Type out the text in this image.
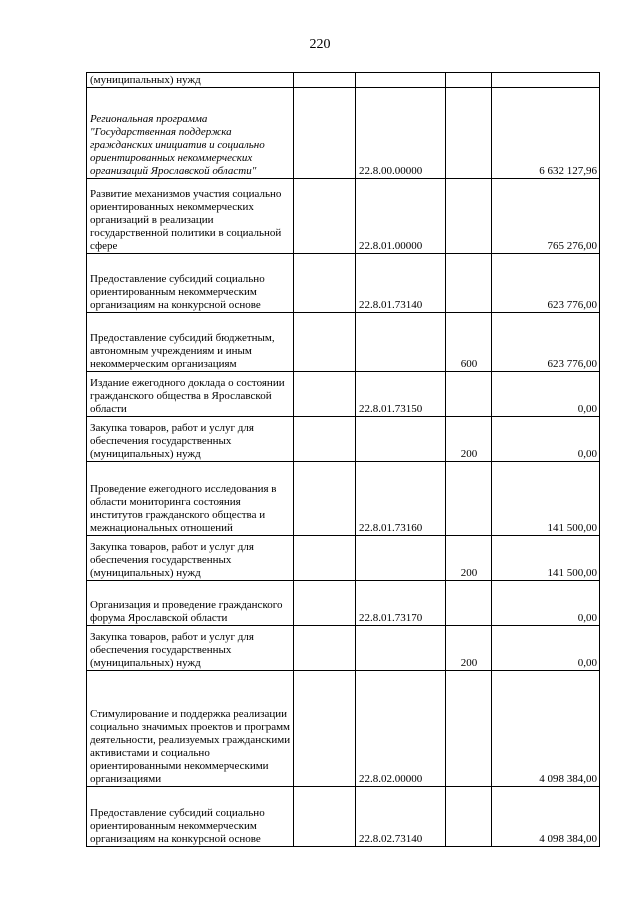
220
(муниципальных) нужд				
Региональная программа "Государственная поддержка гражданских инициатив и социально ориентированных некоммерческих организаций Ярославской области"		22.8.00.00000		6 632 127,96
Развитие механизмов участия социально ориентированных некоммерческих организаций в реализации государственной политики в социальной сфере		22.8.01.00000		765 276,00
Предоставление субсидий социально ориентированным некоммерческим организациям на конкурсной основе		22.8.01.73140		623 776,00
Предоставление субсидий бюджетным, автономным учреждениям и иным некоммерческим организациям			600	623 776,00
Издание ежегодного доклада о состоянии гражданского общества в Ярославской области		22.8.01.73150		0,00
Закупка товаров, работ и услуг для обеспечения государственных (муниципальных) нужд			200	0,00
Проведение ежегодного исследования в области мониторинга состояния институтов гражданского общества и межнациональных отношений		22.8.01.73160		141 500,00
Закупка товаров, работ и услуг для обеспечения государственных (муниципальных) нужд			200	141 500,00
Организация и проведение гражданского форума Ярославской области		22.8.01.73170		0,00
Закупка товаров, работ и услуг для обеспечения государственных (муниципальных) нужд			200	0,00
Стимулирование и поддержка реализации социально значимых проектов и программ деятельности, реализуемых гражданскими активистами и социально ориентированными некоммерческими организациями		22.8.02.00000		4 098 384,00
Предоставление субсидий социально ориентированным некоммерческим организациям на конкурсной основе		22.8.02.73140		4 098 384,00
